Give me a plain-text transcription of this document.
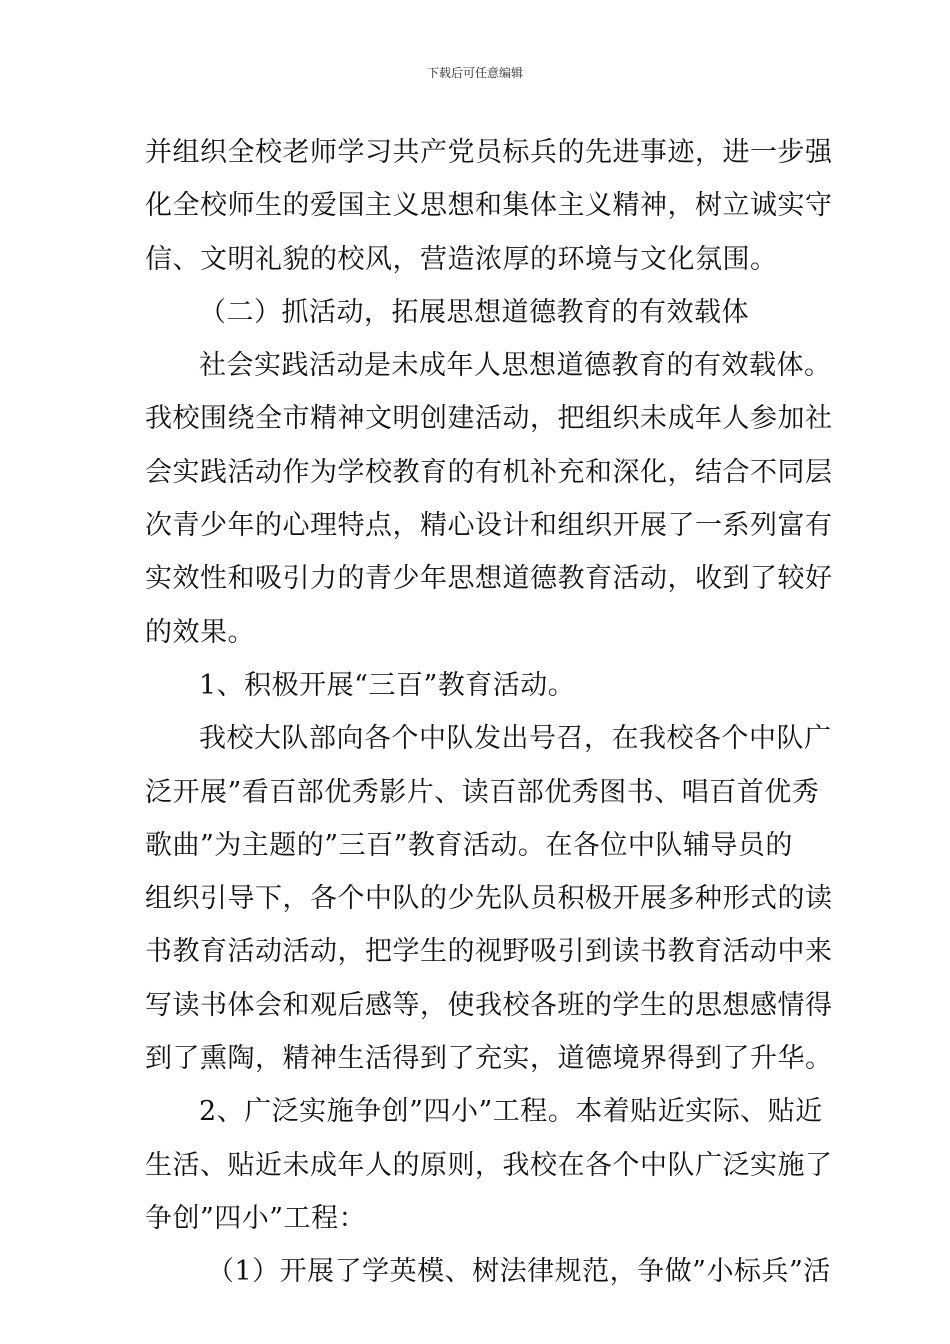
下载后可任意编辑
并组织全校老师学习共产党员标兵的先进事迹，进一步强
化全校师生的爱国主义思想和集体主义精神，树立诚实守
信、文明礼貌的校风，营造浓厚的环境与文化氛围。
（二）抓活动，拓展思想道德教育的有效载体
社会实践活动是未成年人思想道德教育的有效载体。
我校围绕全市精神文明创建活动，把组织未成年人参加社
会实践活动作为学校教育的有机补充和深化，结合不同层
次青少年的心理特点，精心设计和组织开展了一系列富有
实效性和吸引力的青少年思想道德教育活动，收到了较好
的效果。
1、积极开展“三百”教育活动。
我校大队部向各个中队发出号召，在我校各个中队广
泛开展”看百部优秀影片、读百部优秀图书、唱百首优秀
歌曲”为主题的”三百”教育活动。在各位中队辅导员的
组织引导下，各个中队的少先队员积极开展多种形式的读
书教育活动活动，把学生的视野吸引到读书教育活动中来
写读书体会和观后感等，使我校各班的学生的思想感情得
到了熏陶，精神生活得到了充实，道德境界得到了升华。
2、广泛实施争创”四小”工程。本着贴近实际、贴近
生活、贴近未成年人的原则，我校在各个中队广泛实施了
争创”四小”工程：
（1）开展了学英模、树法律规范，争做”小标兵”活
